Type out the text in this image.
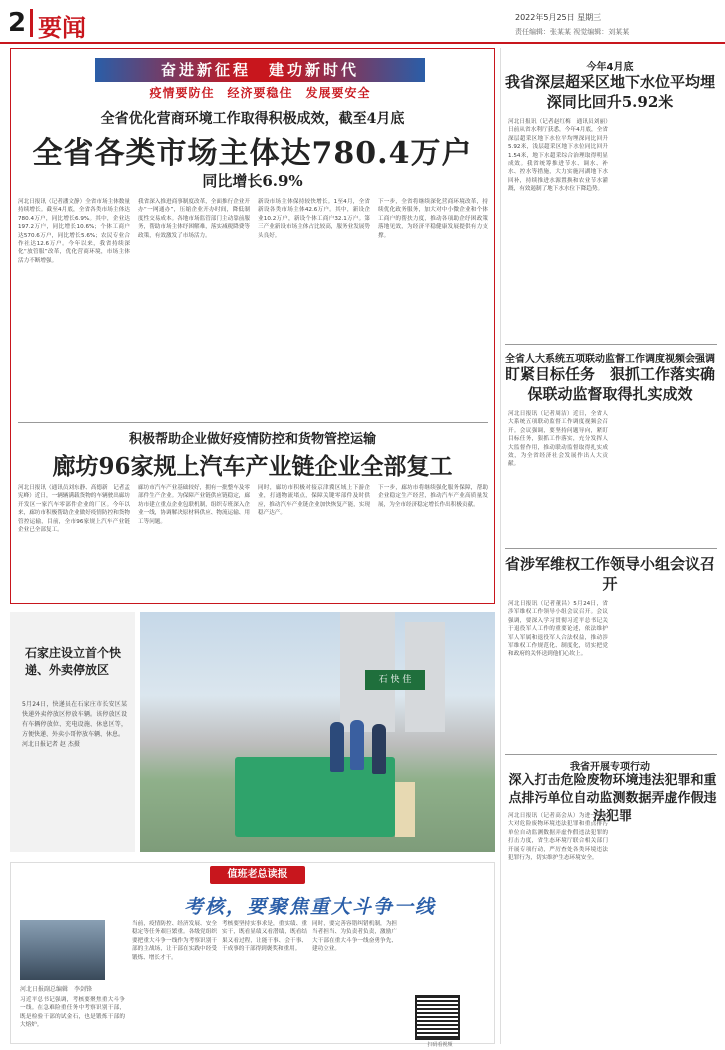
2 要闻	2022年5月25日 星期三
责任编辑：张某某 视觉编辑：刘某某
奋进新征程　建功新时代
疫情要防住　经济要稳住　发展要安全
全省优化营商环境工作取得积极成效，截至4月底
全省各类市场主体达780.4万户
同比增长6.9%
河北日报讯（记者潘文静）全省市场主体数量持续增长。截至4月底，全省各类市场主体达780.4万户，同比增长6.9%。其中，企业达197.2万户，同比增长10.6%；个体工商户达570.6万户，同比增长5.6%；农民专业合作社达12.6万户。今年以来，我省持续深化“放管服”改革，优化营商环境，市场主体活力不断增强。
我省深入推进商事制度改革，全面推行企业开办“一网通办”，压缩企业开办时间，降低制度性交易成本。各地市场监管部门主动靠前服务，帮助市场主体纾困解难，落实减税降费等政策，有效激发了市场活力。
新设市场主体保持较快增长。1至4月，全省新设各类市场主体42.6万户。其中，新设企业10.2万户，新设个体工商户32.1万户。第三产业新设市场主体占比较高，服务业发展势头良好。
下一步，全省将继续深化营商环境改革，持续优化政务服务，加大对中小微企业和个体工商户的帮扶力度，推动各项助企纾困政策落地见效，为经济平稳健康发展提供有力支撑。
积极帮助企业做好疫情防控和货物管控运输
廊坊96家规上汽车产业链企业全部复工
河北日报讯（通讯员刘东静、高德新　记者孟宪峰）近日，一辆辆满载货物的车辆驶出廊坊开发区一家汽车零部件企业的厂区。今年以来，廊坊市积极帮助企业做好疫情防控和货物管控运输，目前，全市96家规上汽车产业链企业已全部复工。
廊坊市汽车产业基础较好，拥有一批整车及零部件生产企业。为保障产业链供应链稳定，廊坊市建立重点企业包联机制，组织专班深入企业一线，协调解决原材料供应、物流运输、用工等问题。
同时，廊坊市积极对接京津冀区域上下游企业，打通物流堵点，保障关键零部件及时供应，推动汽车产业链企业加快恢复产能，实现稳产达产。
下一步，廊坊市将继续强化服务保障，帮助企业稳定生产经营，推动汽车产业高质量发展，为全市经济稳定增长作出积极贡献。
今年4月底
我省深层超采区地下水位平均埋深同比回升5.92米
河北日报讯（记者赵红梅　通讯员刘丽）日前从省水利厅获悉，今年4月底，全省深层超采区地下水位平均埋深同比回升5.92米，浅层超采区地下水位同比回升1.54米，地下水超采综合治理取得明显成效。我省统筹推进节水、调水、补水、控水等措施，大力实施河湖地下水回补，持续推进水源置换和农业节水灌溉，有效遏制了地下水水位下降趋势。
全省人大系统五项联动监督工作调度视频会强调
盯紧目标任务　狠抓工作落实确保联动监督取得扎实成效
河北日报讯（记者周洁）近日，全省人大系统五项联动监督工作调度视频会召开。会议强调，要坚持问题导向，紧盯目标任务，狠抓工作落实，充分发挥人大监督作用，推动联动监督取得扎实成效，为全省经济社会发展作出人大贡献。
省涉军维权工作领导小组会议召开
河北日报讯（记者董昌）5月24日，省涉军维权工作领导小组会议召开。会议强调，要深入学习贯彻习近平总书记关于退役军人工作的重要论述，依法维护军人军属和退役军人合法权益，推动涉军维权工作规范化、制度化，切实把党和政府的关怀送到他们心坎上。
我省开展专项行动
深入打击危险废物环境违法犯罪和重点排污单位自动监测数据弄虚作假违法犯罪
河北日报讯（记者高会从）为进一步加大对危险废物环境违法犯罪和重点排污单位自动监测数据弄虚作假违法犯罪的打击力度，省生态环境厅联合相关部门开展专项行动，严厉查处各类环境违法犯罪行为，切实维护生态环境安全。
石家庄设立首个快递、外卖停放区
5月24日，快递员在石家庄市长安区某快递外卖停放区停放车辆。该停放区设有车辆停放位、充电设施、休息区等，方便快递、外卖小哥停放车辆、休息。
河北日报记者 赵 杰摄
石 快 佳
值班老总读报
考核，要聚焦重大斗争一线
河北日报副总编辑　李剑锋
习近平总书记强调，考核要聚焦重大斗争一线。在急难险重任务中考察识别干部，既是检验干部的试金石，也是锻炼干部的大熔炉。
当前，疫情防控、经济发展、安全稳定等任务艰巨繁重。各级党组织要把重大斗争一线作为考察识别干部的主战场，让干部在实践中经受锻炼、增长才干。
考核要坚持实事求是，重实绩、重实干，既看显绩又看潜绩，既看结果又看过程，让能干事、会干事、干成事的干部得到褒奖和重用。
同时，要完善容错纠错机制，为担当者担当、为负责者负责，激励广大干部在重大斗争一线奋勇争先、建功立业。
扫码看视频
